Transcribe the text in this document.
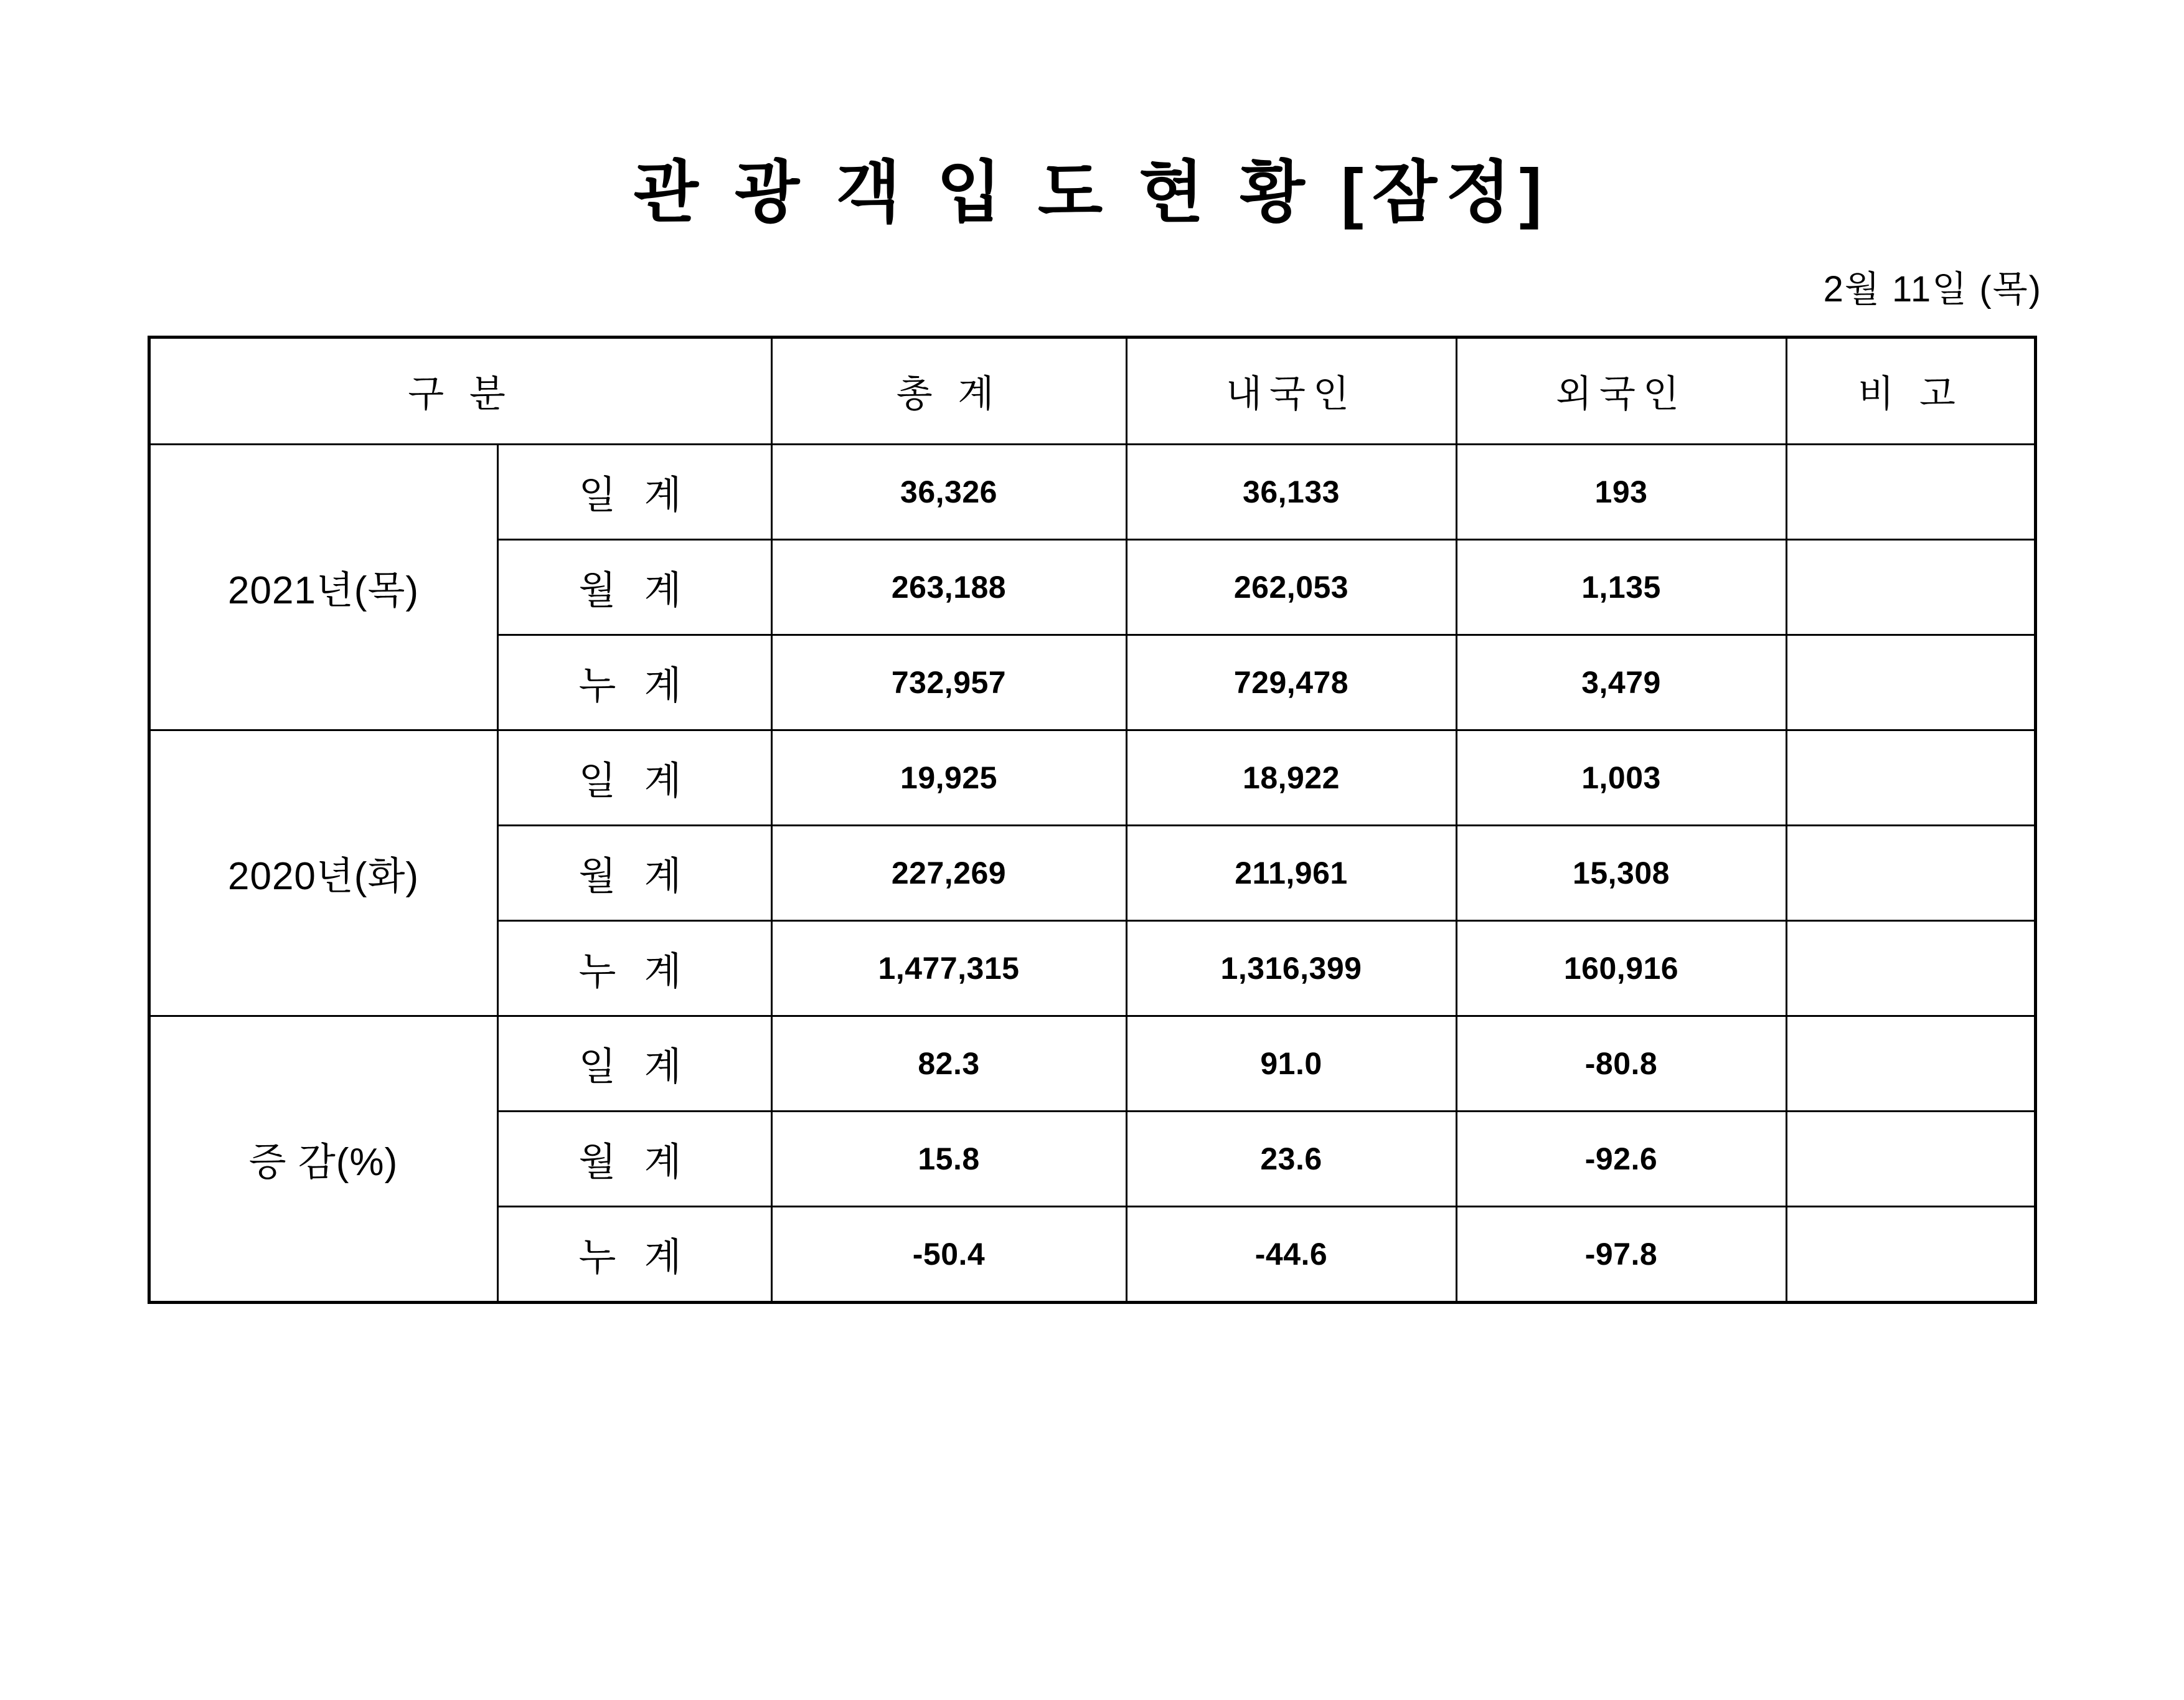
관 광 객 입 도 현 황 [잠정]
2월 11일 (목)
구 분		총 계	내국인	외국인	비 고
2021년(목)	일 계	36,326	36,133	193	
	월 계	263,188	262,053	1,135	
	누 계	732,957	729,478	3,479	
2020년(화)	일 계	19,925	18,922	1,003	
	월 계	227,269	211,961	15,308	
	누 계	1,477,315	1,316,399	160,916	
증 감(%)	일 계	82.3	91.0	-80.8	
	월 계	15.8	23.6	-92.6	
	누 계	-50.4	-44.6	-97.8	
